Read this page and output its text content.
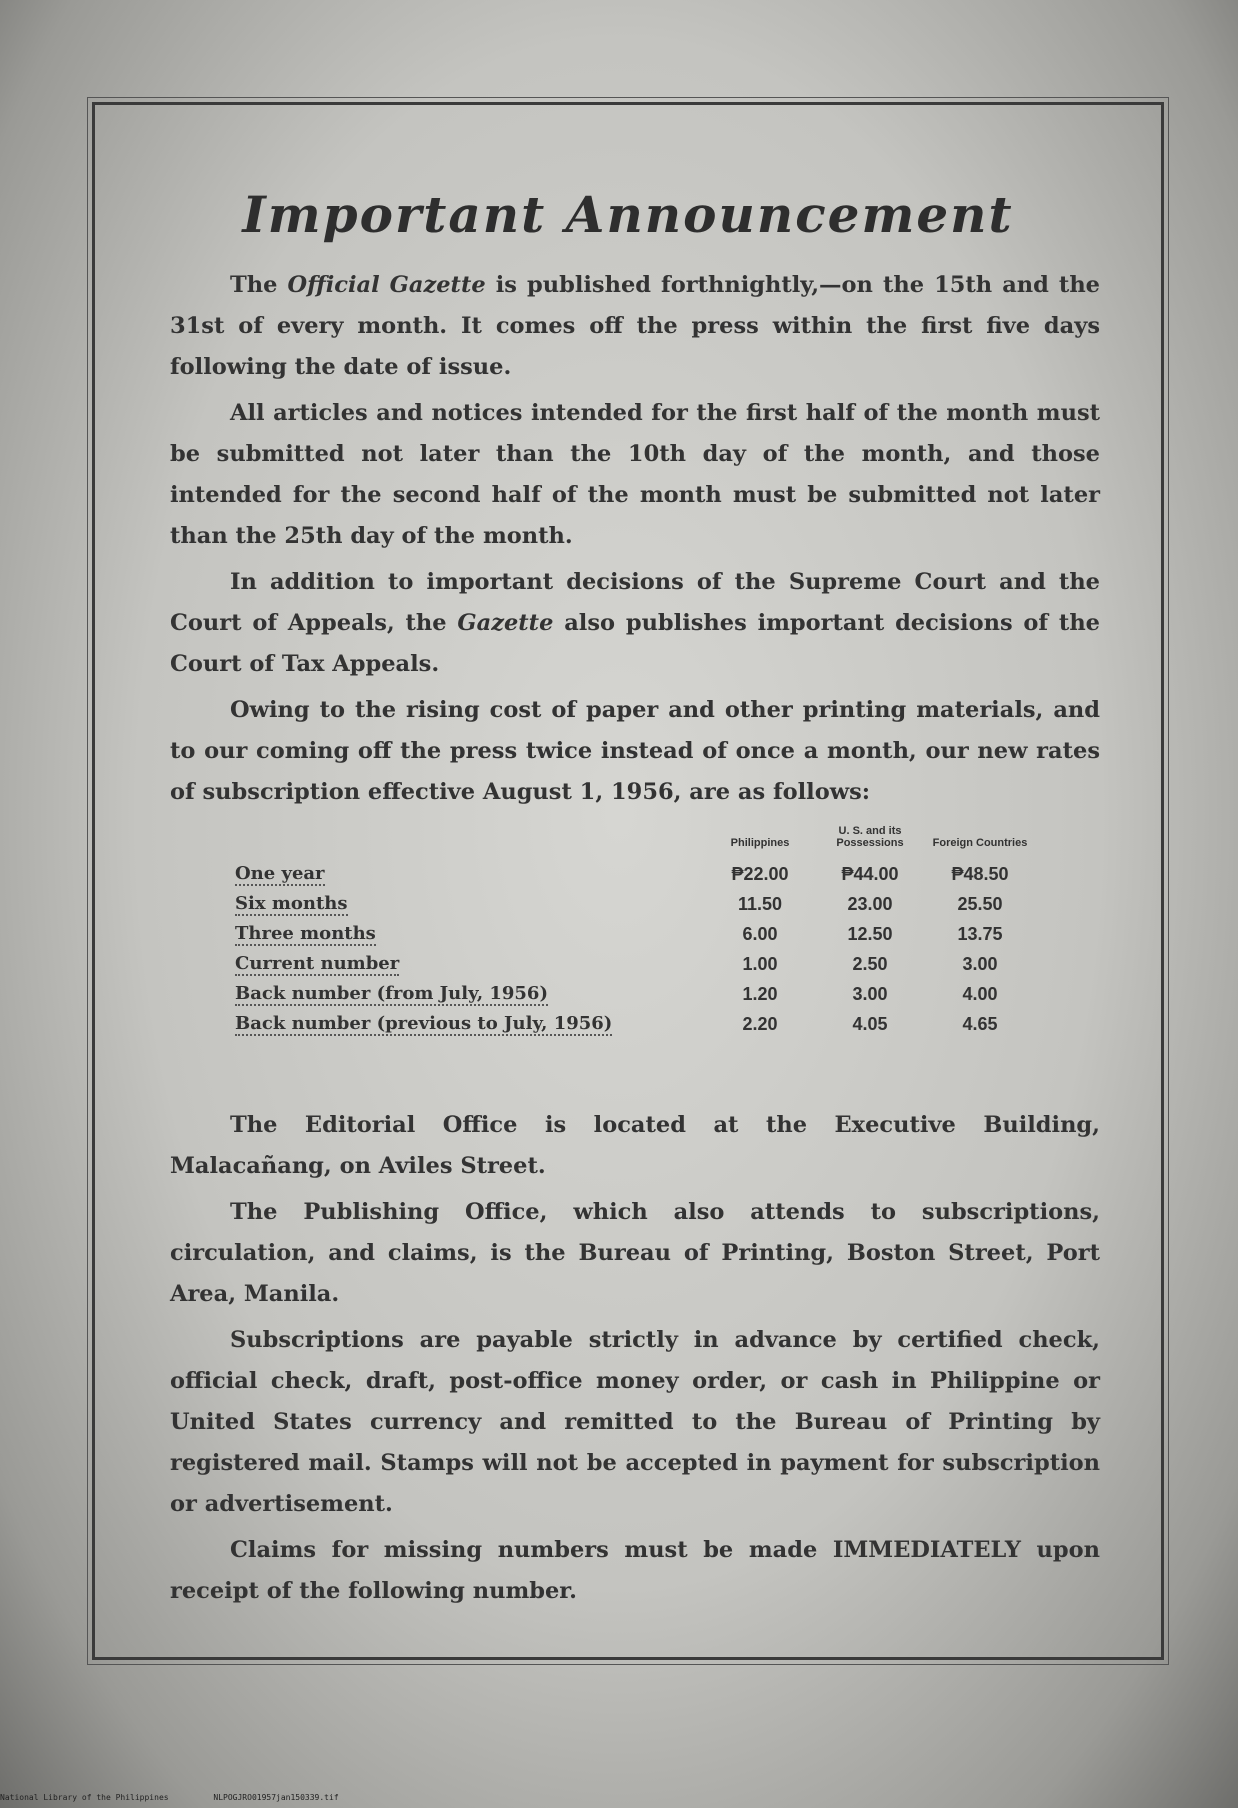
Important Announcement

The Official Gazette is published forthnightly,—on the 15th and the 31st of every month. It comes off the press within the first five days following the date of issue.

All articles and notices intended for the first half of the month must be submitted not later than the 10th day of the month, and those intended for the second half of the month must be submitted not later than the 25th day of the month.

In addition to important decisions of the Supreme Court and the Court of Appeals, the Gazette also publishes important decisions of the Court of Tax Appeals.

Owing to the rising cost of paper and other printing materials, and to our coming off the press twice instead of once a month, our new rates of subscription effective August 1, 1956, are as follows:

	Philippines	U. S. and its Possessions	Foreign Countries
One year	₱22.00	₱44.00	₱48.50
Six months	11.50	23.00	25.50
Three months	6.00	12.50	13.75
Current number	1.00	2.50	3.00
Back number (from July, 1956)	1.20	3.00	4.00
Back number (previous to July, 1956)	2.20	4.05	4.65

The Editorial Office is located at the Executive Building, Malacañang, on Aviles Street.

The Publishing Office, which also attends to subscriptions, circulation, and claims, is the Bureau of Printing, Boston Street, Port Area, Manila.

Subscriptions are payable strictly in advance by certified check, official check, draft, post-office money order, or cash in Philippine or United States currency and remitted to the Bureau of Printing by registered mail. Stamps will not be accepted in payment for subscription or advertisement.

Claims for missing numbers must be made IMMEDIATELY upon receipt of the following number.

National Library of the Philippines	NLPOGJRO01957jan150339.tif
